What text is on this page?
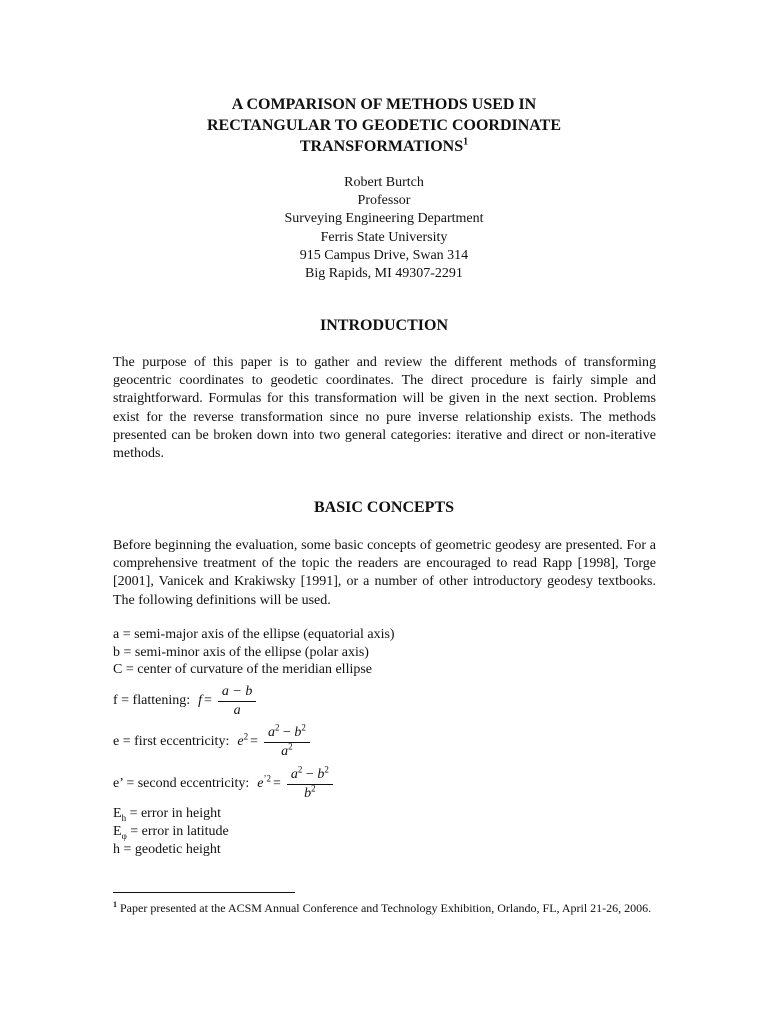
A COMPARISON OF METHODS USED IN
RECTANGULAR TO GEODETIC COORDINATE
TRANSFORMATIONS$^1$
Robert Burtch
Professor
Surveying Engineering Department
Ferris State University
915 Campus Drive, Swan 314
Big Rapids, MI 49307-2291
INTRODUCTION

The purpose of this paper is to gather and review the different methods of transforming geocentric coordinates to geodetic coordinates. The direct procedure is fairly simple and straightforward. Formulas for this transformation will be given in the next section. Problems exist for the reverse transformation since no pure inverse relationship exists. The methods presented can be broken down into two general categories: iterative and direct or non-iterative methods.

BASIC CONCEPTS

Before beginning the evaluation, some basic concepts of geometric geodesy are presented. For a comprehensive treatment of the topic the readers are encouraged to read Rapp [1998], Torge [2001], Vanicek and Krakiwsky [1991], or a number of other introductory geodesy textbooks. The following definitions will be used.

a = semi-major axis of the ellipse (equatorial axis)
b = semi-minor axis of the ellipse (polar axis)
C = center of curvature of the meridian ellipse
f = flattening: $f = \frac{a - b}{a}$
e = first eccentricity: $e^2 = \frac{a^2 - b^2}{a^2}$
e’ = second eccentricity: $e^{’2} = \frac{a^2 - b^2}{b^2}$
$E_h$ = error in height
$E_\varphi$ = error in latitude
h = geodetic height
$^1$ Paper presented at the ACSM Annual Conference and Technology Exhibition, Orlando, FL, April 21-26, 2006.
